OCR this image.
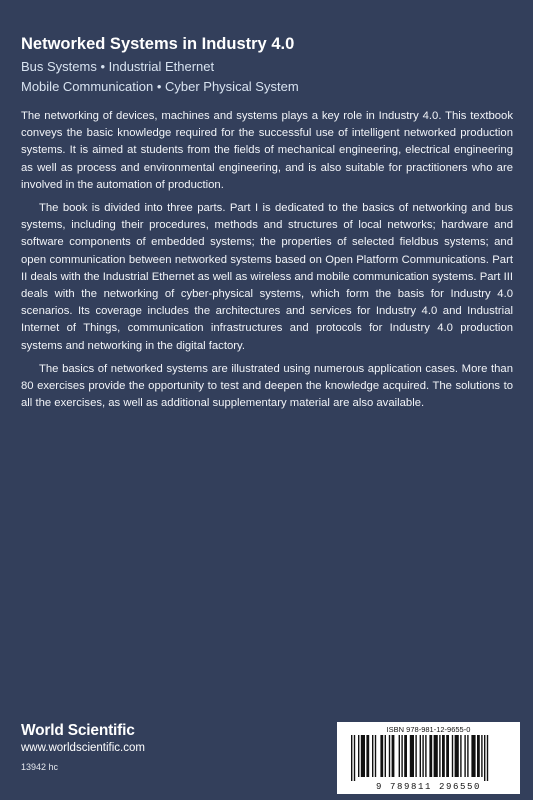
Networked Systems in Industry 4.0
Bus Systems • Industrial Ethernet
Mobile Communication • Cyber Physical System

The networking of devices, machines and systems plays a key role in Industry 4.0. This textbook conveys the basic knowledge required for the successful use of intelligent networked production systems. It is aimed at students from the fields of mechanical engineering, electrical engineering as well as process and environmental engineering, and is also suitable for practitioners who are involved in the automation of production.

The book is divided into three parts. Part I is dedicated to the basics of networking and bus systems, including their procedures, methods and structures of local networks; hardware and software components of embedded systems; the properties of selected fieldbus systems; and open communication between networked systems based on Open Platform Communications. Part II deals with the Industrial Ethernet as well as wireless and mobile communication systems. Part III deals with the networking of cyber-physical systems, which form the basis for Industry 4.0 scenarios. Its coverage includes the architectures and services for Industry 4.0 and Industrial Internet of Things, communication infrastructures and protocols for Industry 4.0 production systems and networking in the digital factory.

The basics of networked systems are illustrated using numerous application cases. More than 80 exercises provide the opportunity to test and deepen the knowledge acquired. The solutions to all the exercises, as well as additional supplementary material are also available.

World Scientific
www.worldscientific.com
13942 hc
ISBN 978-981-12-9655-0
9 789811 296550
